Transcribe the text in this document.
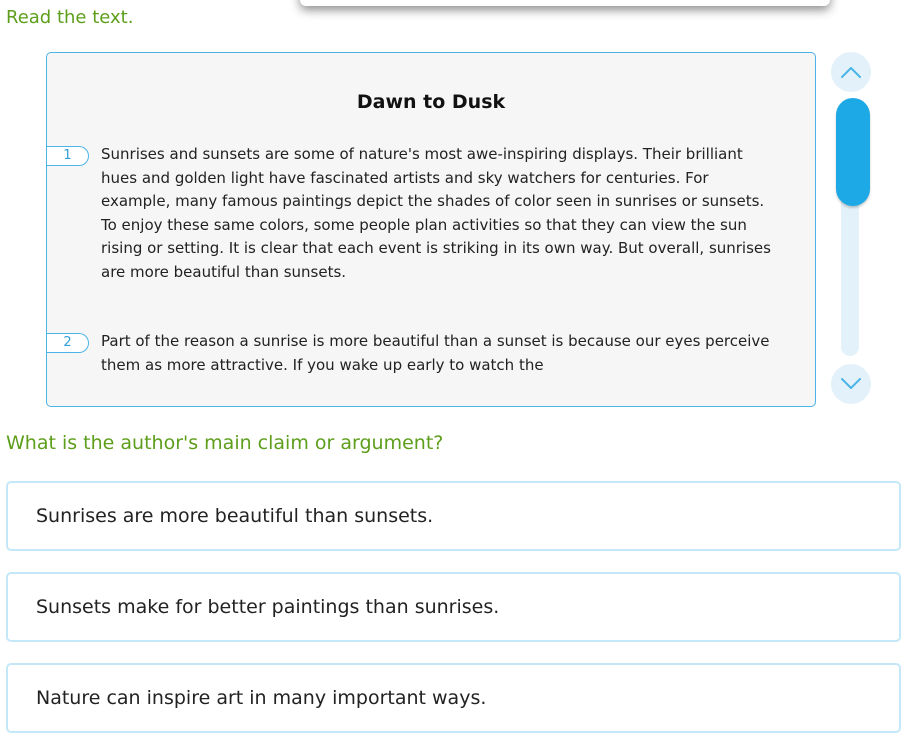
Read the text.
Dawn to Dusk
1	Sunrises and sunsets are some of nature's most awe-inspiring displays. Their brilliant hues and golden light have fascinated artists and sky watchers for centuries. For example, many famous paintings depict the shades of color seen in sunrises or sunsets. To enjoy these same colors, some people plan activities so that they can view the sun rising or setting. It is clear that each event is striking in its own way. But overall, sunrises are more beautiful than sunsets.
2	Part of the reason a sunrise is more beautiful than a sunset is because our eyes perceive them as more attractive. If you wake up early to watch the
What is the author's main claim or argument?
Sunrises are more beautiful than sunsets.
Sunsets make for better paintings than sunrises.
Nature can inspire art in many important ways.
